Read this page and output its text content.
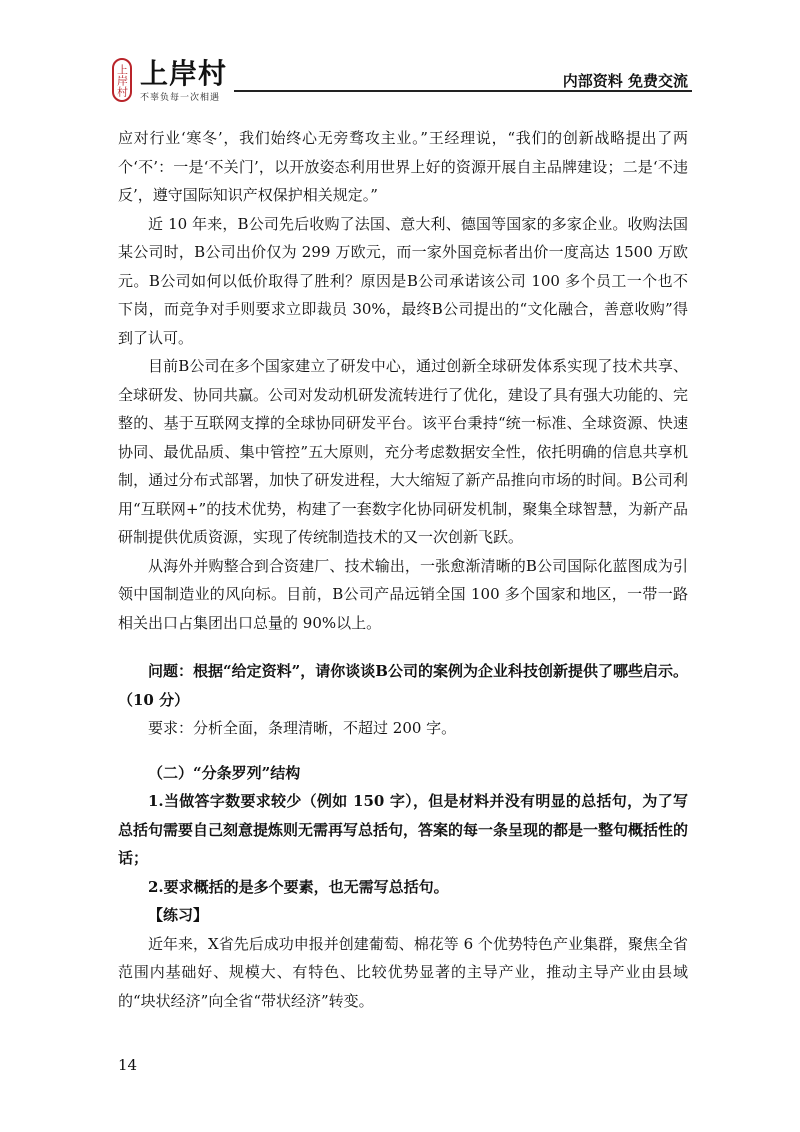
上岸村 上岸村
不辜负每一次相遇
内部资料 免费交流

应对行业‘寒冬’，我们始终心无旁骛攻主业。”王经理说，“我们的创新战略提出了两个‘不’：一是‘不关门’，以开放姿态利用世界上好的资源开展自主品牌建设；二是‘不违反’，遵守国际知识产权保护相关规定。”

近 10 年来，B公司先后收购了法国、意大利、德国等国家的多家企业。收购法国某公司时，B公司出价仅为 299 万欧元，而一家外国竞标者出价一度高达 1500 万欧元。B公司如何以低价取得了胜利？原因是B公司承诺该公司 100 多个员工一个也不下岗，而竞争对手则要求立即裁员 30%，最终B公司提出的“文化融合，善意收购”得到了认可。

目前B公司在多个国家建立了研发中心，通过创新全球研发体系实现了技术共享、全球研发、协同共赢。公司对发动机研发流转进行了优化，建设了具有强大功能的、完整的、基于互联网支撑的全球协同研发平台。该平台秉持“统一标准、全球资源、快速协同、最优品质、集中管控”五大原则，充分考虑数据安全性，依托明确的信息共享机制，通过分布式部署，加快了研发进程，大大缩短了新产品推向市场的时间。B公司利用“互联网+”的技术优势，构建了一套数字化协同研发机制，聚集全球智慧，为新产品研制提供优质资源，实现了传统制造技术的又一次创新飞跃。

从海外并购整合到合资建厂、技术输出，一张愈渐清晰的B公司国际化蓝图成为引领中国制造业的风向标。目前，B公司产品远销全国 100 多个国家和地区，一带一路相关出口占集团出口总量的 90%以上。

问题：根据“给定资料”，请你谈谈B公司的案例为企业科技创新提供了哪些启示。（10 分）

要求：分析全面，条理清晰，不超过 200 字。

（二）“分条罗列”结构

1.当做答字数要求较少（例如 150 字），但是材料并没有明显的总括句，为了写总括句需要自己刻意提炼则无需再写总括句，答案的每一条呈现的都是一整句概括性的话；

2.要求概括的是多个要素，也无需写总括句。

【练习】

近年来，X省先后成功申报并创建葡萄、棉花等 6 个优势特色产业集群，聚焦全省范围内基础好、规模大、有特色、比较优势显著的主导产业，推动主导产业由县域的“块状经济”向全省“带状经济”转变。

14
